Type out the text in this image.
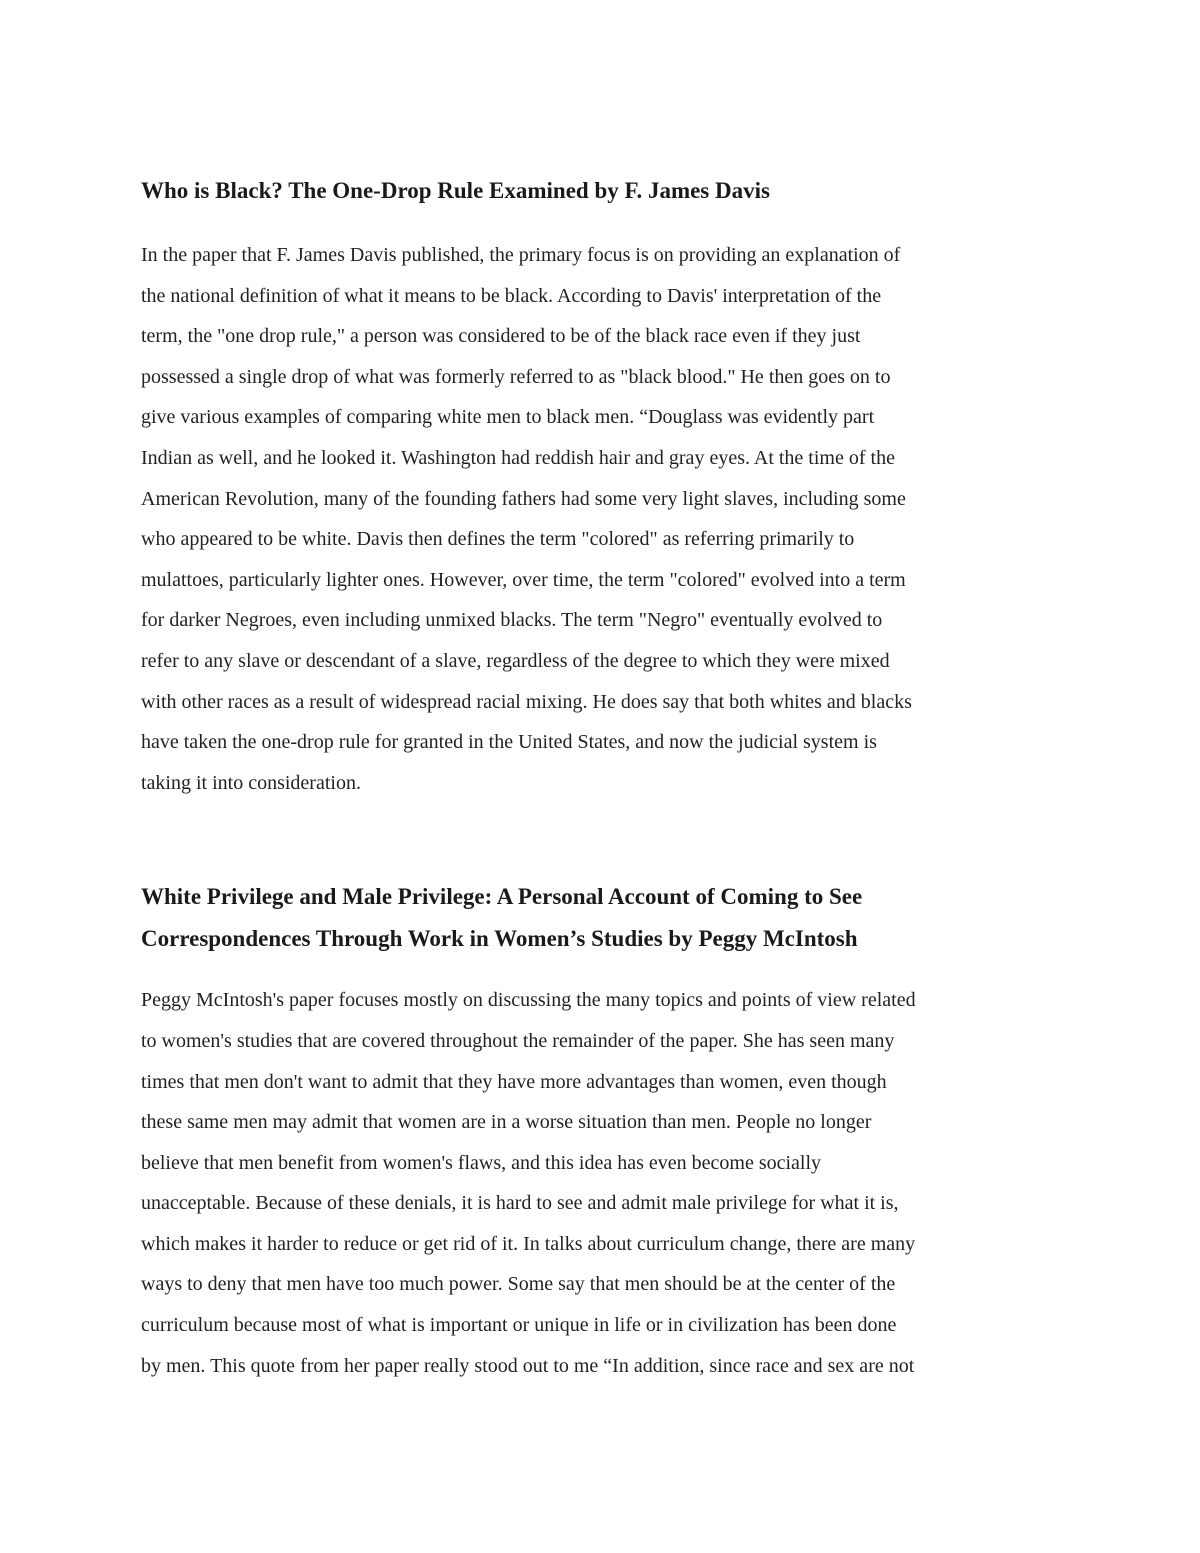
Who is Black? The One-Drop Rule Examined by F. James Davis

In the paper that F. James Davis published, the primary focus is on providing an explanation of
the national definition of what it means to be black. According to Davis' interpretation of the
term, the "one drop rule," a person was considered to be of the black race even if they just
possessed a single drop of what was formerly referred to as "black blood." He then goes on to
give various examples of comparing white men to black men. “Douglass was evidently part
Indian as well, and he looked it. Washington had reddish hair and gray eyes. At the time of the
American Revolution, many of the founding fathers had some very light slaves, including some
who appeared to be white. Davis then defines the term "colored" as referring primarily to
mulattoes, particularly lighter ones. However, over time, the term "colored" evolved into a term
for darker Negroes, even including unmixed blacks. The term "Negro" eventually evolved to
refer to any slave or descendant of a slave, regardless of the degree to which they were mixed
with other races as a result of widespread racial mixing. He does say that both whites and blacks
have taken the one-drop rule for granted in the United States, and now the judicial system is
taking it into consideration.

White Privilege and Male Privilege: A Personal Account of Coming to See
Correspondences Through Work in Women’s Studies by Peggy McIntosh

Peggy McIntosh's paper focuses mostly on discussing the many topics and points of view related
to women's studies that are covered throughout the remainder of the paper. She has seen many
times that men don't want to admit that they have more advantages than women, even though
these same men may admit that women are in a worse situation than men. People no longer
believe that men benefit from women's flaws, and this idea has even become socially
unacceptable. Because of these denials, it is hard to see and admit male privilege for what it is,
which makes it harder to reduce or get rid of it. In talks about curriculum change, there are many
ways to deny that men have too much power. Some say that men should be at the center of the
curriculum because most of what is important or unique in life or in civilization has been done
by men. This quote from her paper really stood out to me “In addition, since race and sex are not
